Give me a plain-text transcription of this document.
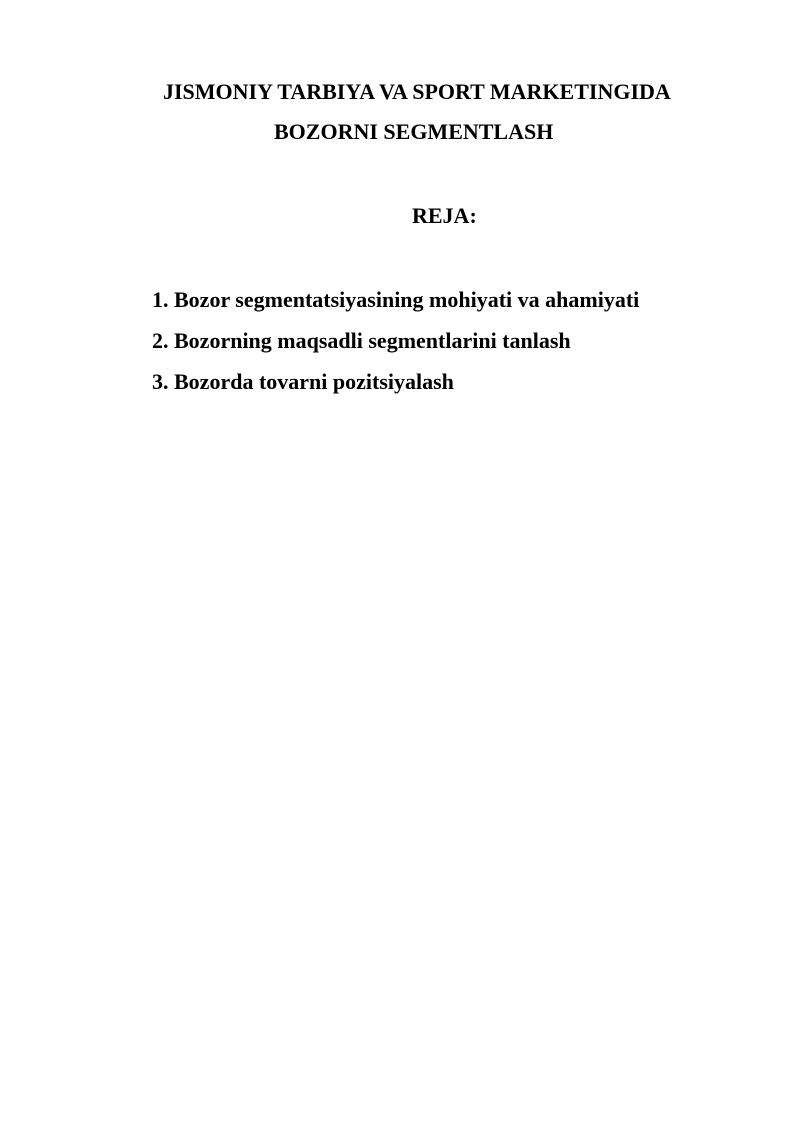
JISMONIY TARBIYA VA SPORT MARKETINGIDA
BOZORNI SEGMENTLASH
REJA:
1. Bozor segmentatsiyasining mohiyati va ahamiyati
2. Bozorning maqsadli segmentlarini tanlash
3. Bozorda tovarni pozitsiyalash
